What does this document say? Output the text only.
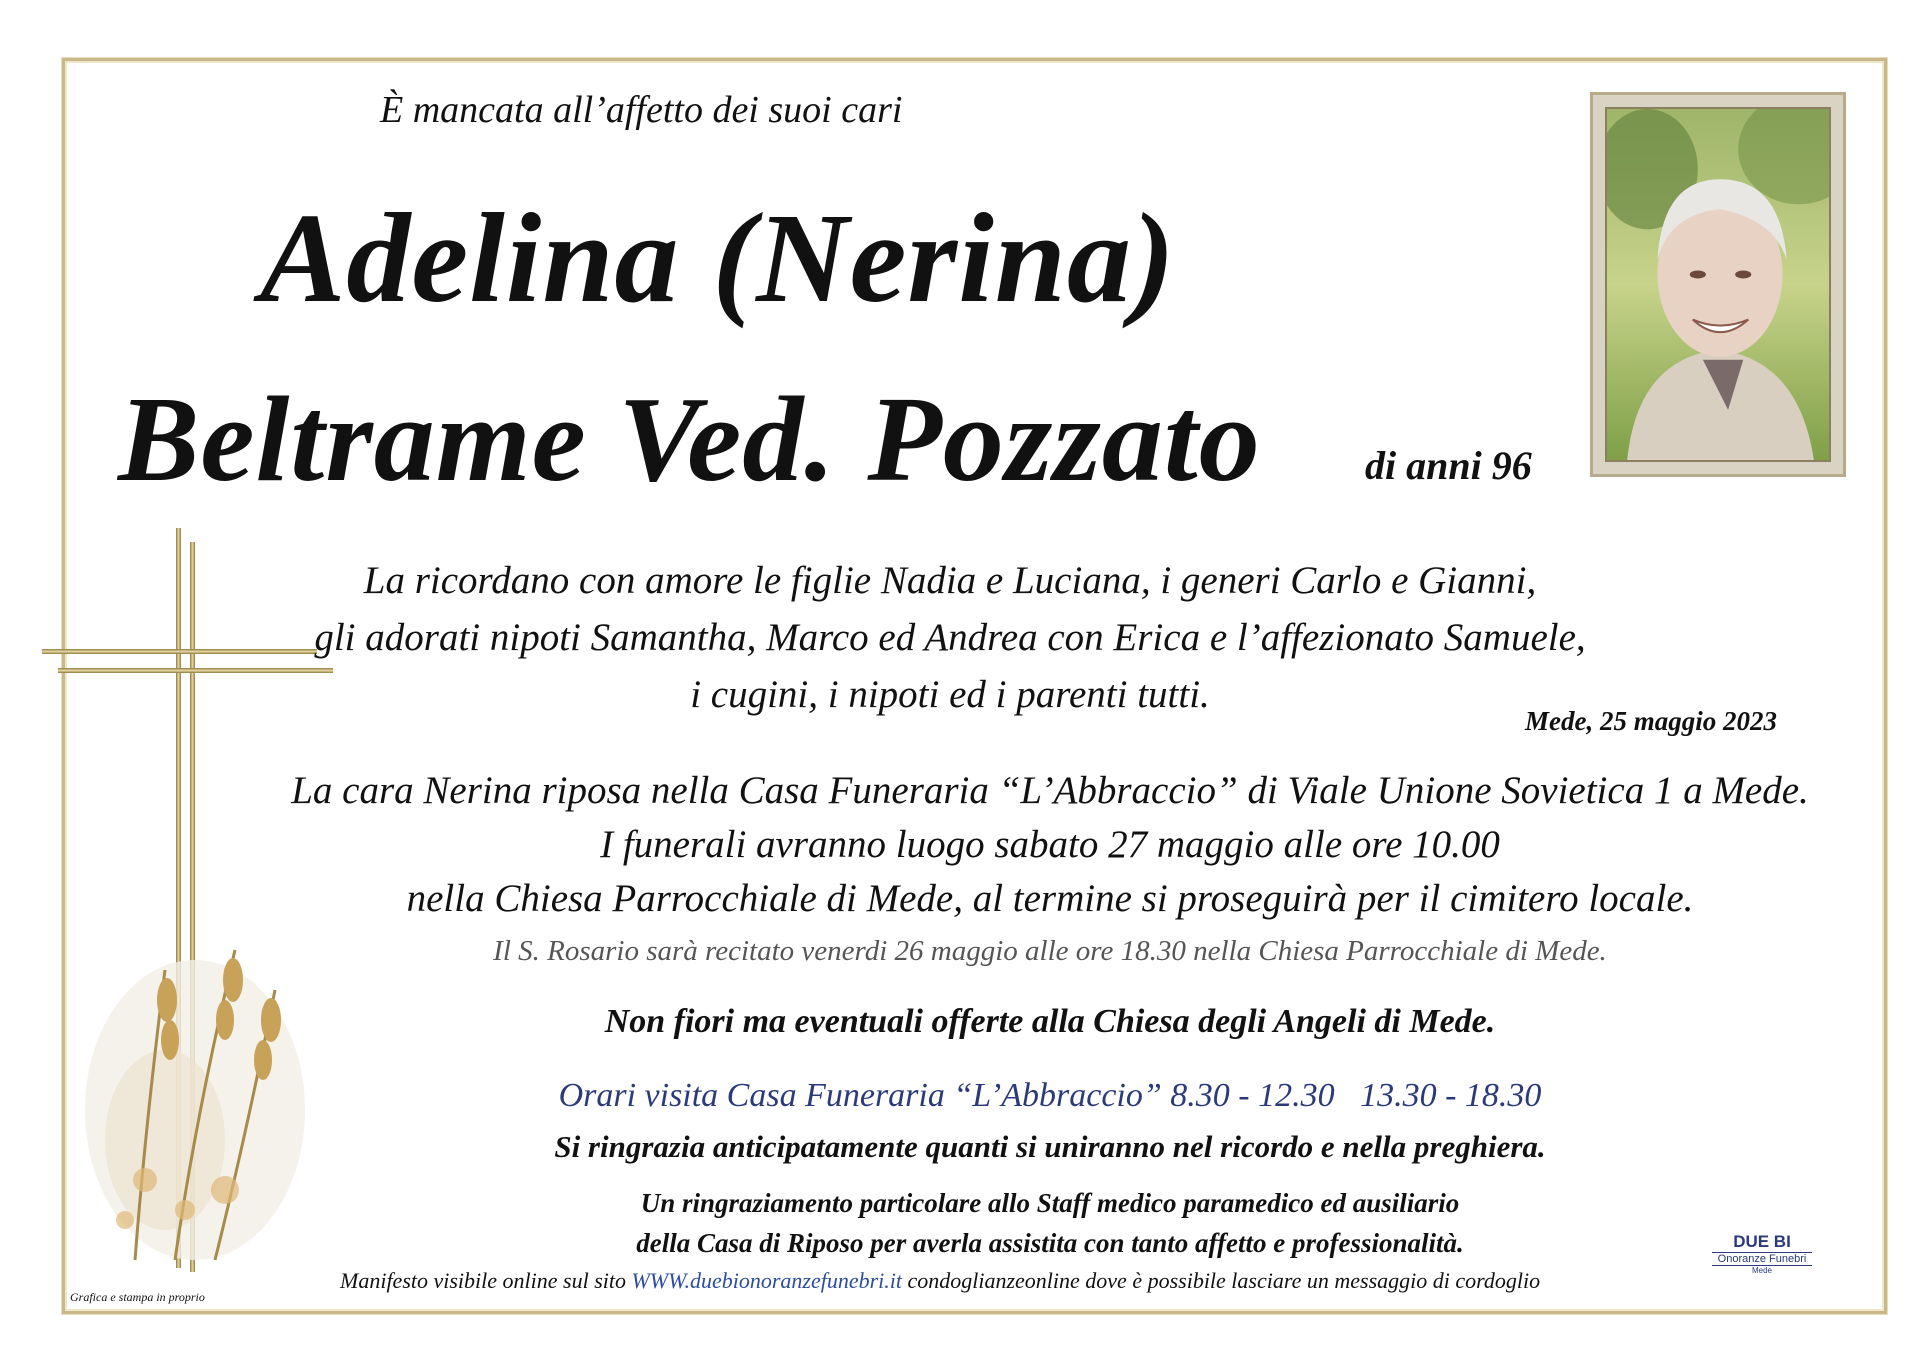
È mancata all’affetto dei suoi cari
Adelina (Nerina)
Beltrame Ved. Pozzato	di anni 96
La ricordano con amore le figlie Nadia e Luciana, i generi Carlo e Gianni,
gli adorati nipoti Samantha, Marco ed Andrea con Erica e l’affezionato Samuele,
i cugini, i nipoti ed i parenti tutti.
Mede, 25 maggio 2023
La cara Nerina riposa nella Casa Funeraria “L’Abbraccio” di Viale Unione Sovietica 1 a Mede.
I funerali avranno luogo sabato 27 maggio alle ore 10.00
nella Chiesa Parrocchiale di Mede, al termine si proseguirà per il cimitero locale.
Il S. Rosario sarà recitato venerdi 26 maggio alle ore 18.30 nella Chiesa Parrocchiale di Mede.
Non fiori ma eventuali offerte alla Chiesa degli Angeli di Mede.
Orari visita Casa Funeraria “L’Abbraccio” 8.30 - 12.30   13.30 - 18.30
Si ringrazia anticipatamente quanti si uniranno nel ricordo e nella preghiera.
Un ringraziamento particolare allo Staff medico paramedico ed ausiliario
della Casa di Riposo per averla assistita con tanto affetto e professionalità.
Manifesto visibile online sul sito WWW.duebionoranzefunebri.it condoglianzeonline dove è possibile lasciare un messaggio di cordoglio
Grafica e stampa in proprio
DUE BI
Onoranze Funebri
Mede
